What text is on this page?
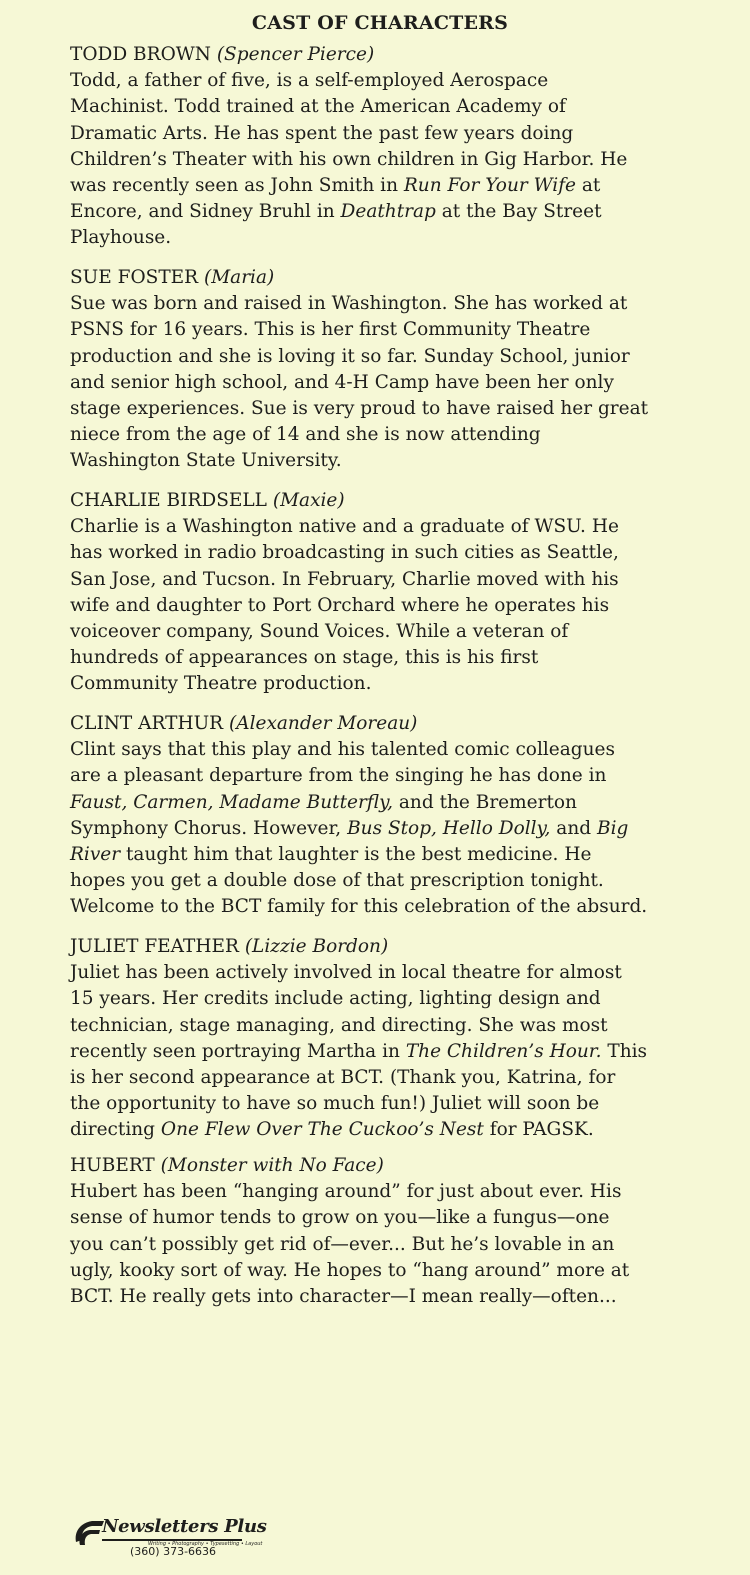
CAST OF CHARACTERS
TODD BROWN (Spencer Pierce)
Todd, a father of five, is a self-employed Aerospace
Machinist. Todd trained at the American Academy of
Dramatic Arts. He has spent the past few years doing
Children’s Theater with his own children in Gig Harbor. He
was recently seen as John Smith in Run For Your Wife at
Encore, and Sidney Bruhl in Deathtrap at the Bay Street
Playhouse.
SUE FOSTER (Maria)
Sue was born and raised in Washington. She has worked at
PSNS for 16 years. This is her first Community Theatre
production and she is loving it so far. Sunday School, junior
and senior high school, and 4-H Camp have been her only
stage experiences. Sue is very proud to have raised her great
niece from the age of 14 and she is now attending
Washington State University.
CHARLIE BIRDSELL (Maxie)
Charlie is a Washington native and a graduate of WSU. He
has worked in radio broadcasting in such cities as Seattle,
San Jose, and Tucson. In February, Charlie moved with his
wife and daughter to Port Orchard where he operates his
voiceover company, Sound Voices. While a veteran of
hundreds of appearances on stage, this is his first
Community Theatre production.
CLINT ARTHUR (Alexander Moreau)
Clint says that this play and his talented comic colleagues
are a pleasant departure from the singing he has done in
Faust, Carmen, Madame Butterfly, and the Bremerton
Symphony Chorus. However, Bus Stop, Hello Dolly, and Big
River taught him that laughter is the best medicine. He
hopes you get a double dose of that prescription tonight.
Welcome to the BCT family for this celebration of the absurd.
JULIET FEATHER (Lizzie Bordon)
Juliet has been actively involved in local theatre for almost
15 years. Her credits include acting, lighting design and
technician, stage managing, and directing. She was most
recently seen portraying Martha in The Children’s Hour. This
is her second appearance at BCT. (Thank you, Katrina, for
the opportunity to have so much fun!) Juliet will soon be
directing One Flew Over The Cuckoo’s Nest for PAGSK.
HUBERT (Monster with No Face)
Hubert has been “hanging around” for just about ever. His
sense of humor tends to grow on you—like a fungus—one
you can’t possibly get rid of—ever... But he’s lovable in an
ugly, kooky sort of way. He hopes to “hang around” more at
BCT. He really gets into character—I mean really—often...
Newsletters Plus
Writing • Photography • Typesetting • Layout
(360) 373-6636
